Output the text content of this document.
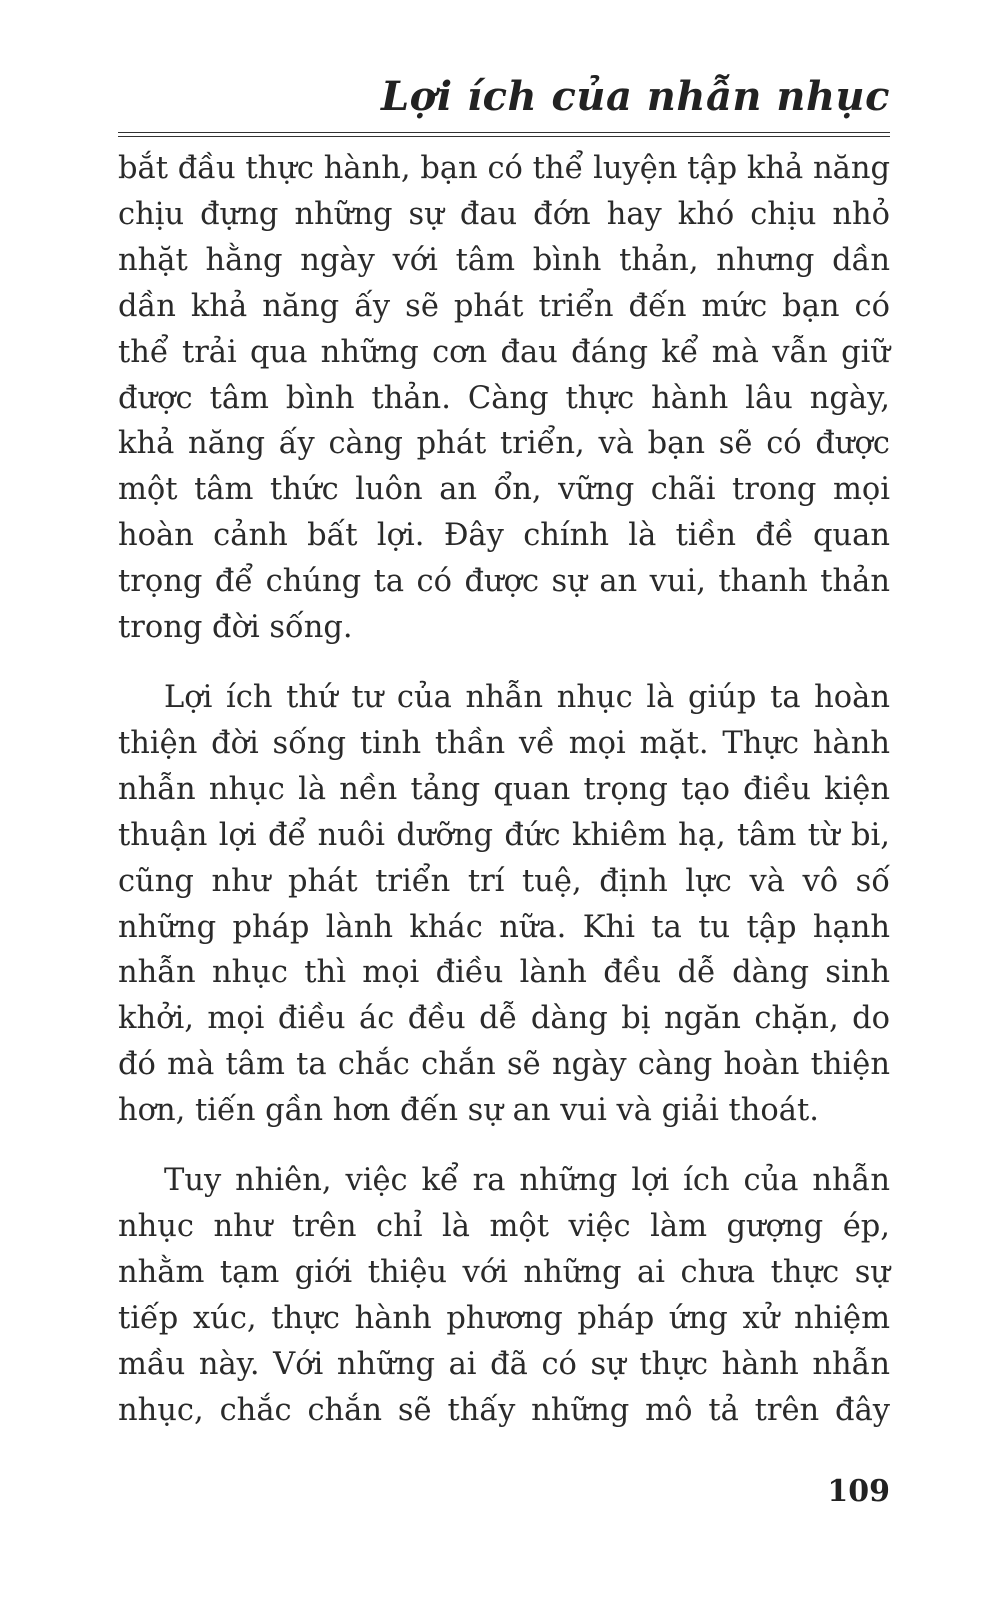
Lợi ích của nhẫn nhục

bắt đầu thực hành, bạn có thể luyện tập khả năng chịu đựng những sự đau đớn hay khó chịu nhỏ nhặt hằng ngày với tâm bình thản, nhưng dần dần khả năng ấy sẽ phát triển đến mức bạn có thể trải qua những cơn đau đáng kể mà vẫn giữ được tâm bình thản. Càng thực hành lâu ngày, khả năng ấy càng phát triển, và bạn sẽ có được một tâm thức luôn an ổn, vững chãi trong mọi hoàn cảnh bất lợi. Đây chính là tiền đề quan trọng để chúng ta có được sự an vui, thanh thản trong đời sống.

Lợi ích thứ tư của nhẫn nhục là giúp ta hoàn thiện đời sống tinh thần về mọi mặt. Thực hành nhẫn nhục là nền tảng quan trọng tạo điều kiện thuận lợi để nuôi dưỡng đức khiêm hạ, tâm từ bi, cũng như phát triển trí tuệ, định lực và vô số những pháp lành khác nữa. Khi ta tu tập hạnh nhẫn nhục thì mọi điều lành đều dễ dàng sinh khởi, mọi điều ác đều dễ dàng bị ngăn chặn, do đó mà tâm ta chắc chắn sẽ ngày càng hoàn thiện hơn, tiến gần hơn đến sự an vui và giải thoát.

Tuy nhiên, việc kể ra những lợi ích của nhẫn nhục như trên chỉ là một việc làm gượng ép, nhằm tạm giới thiệu với những ai chưa thực sự tiếp xúc, thực hành phương pháp ứng xử nhiệm mầu này. Với những ai đã có sự thực hành nhẫn nhục, chắc chắn sẽ thấy những mô tả trên đây

109
